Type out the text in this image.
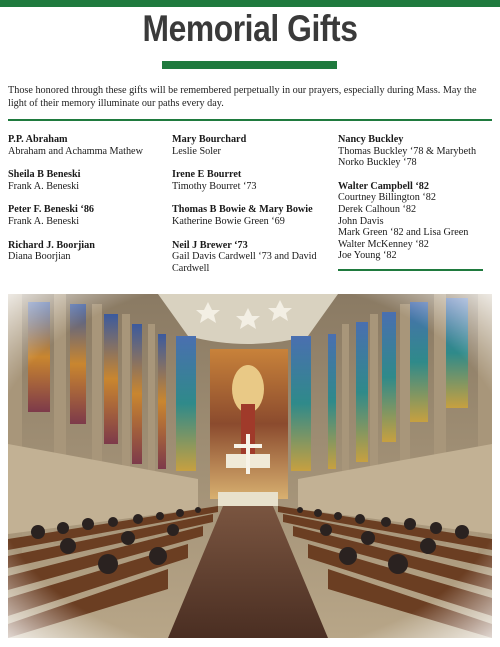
Memorial Gifts
Those honored through these gifts will be remembered perpetually in our prayers, especially during Mass. May the light of their memory illuminate our paths every day.
P.P. Abraham
Abraham and Achamma Mathew
Sheila B Beneski
Frank A. Beneski
Peter F. Beneski ‘86
Frank A. Beneski
Richard J. Boorjian
Diana Boorjian
Mary Bourchard
Leslie Soler
Irene E Bourret
Timothy Bourret ‘73
Thomas B Bowie & Mary Bowie
Katherine Bowie Green ‘69
Neil J Brewer ‘73
Gail Davis Cardwell ‘73 and David Cardwell
Nancy Buckley
Thomas Buckley ‘78 & Marybeth Norko Buckley ‘78
Walter Campbell ‘82
Courtney Billington ‘82
Derek Calhoun ‘82
John Davis
Mark Green ‘82 and Lisa Green
Walter McKenney ‘82
Joe Young ‘82
